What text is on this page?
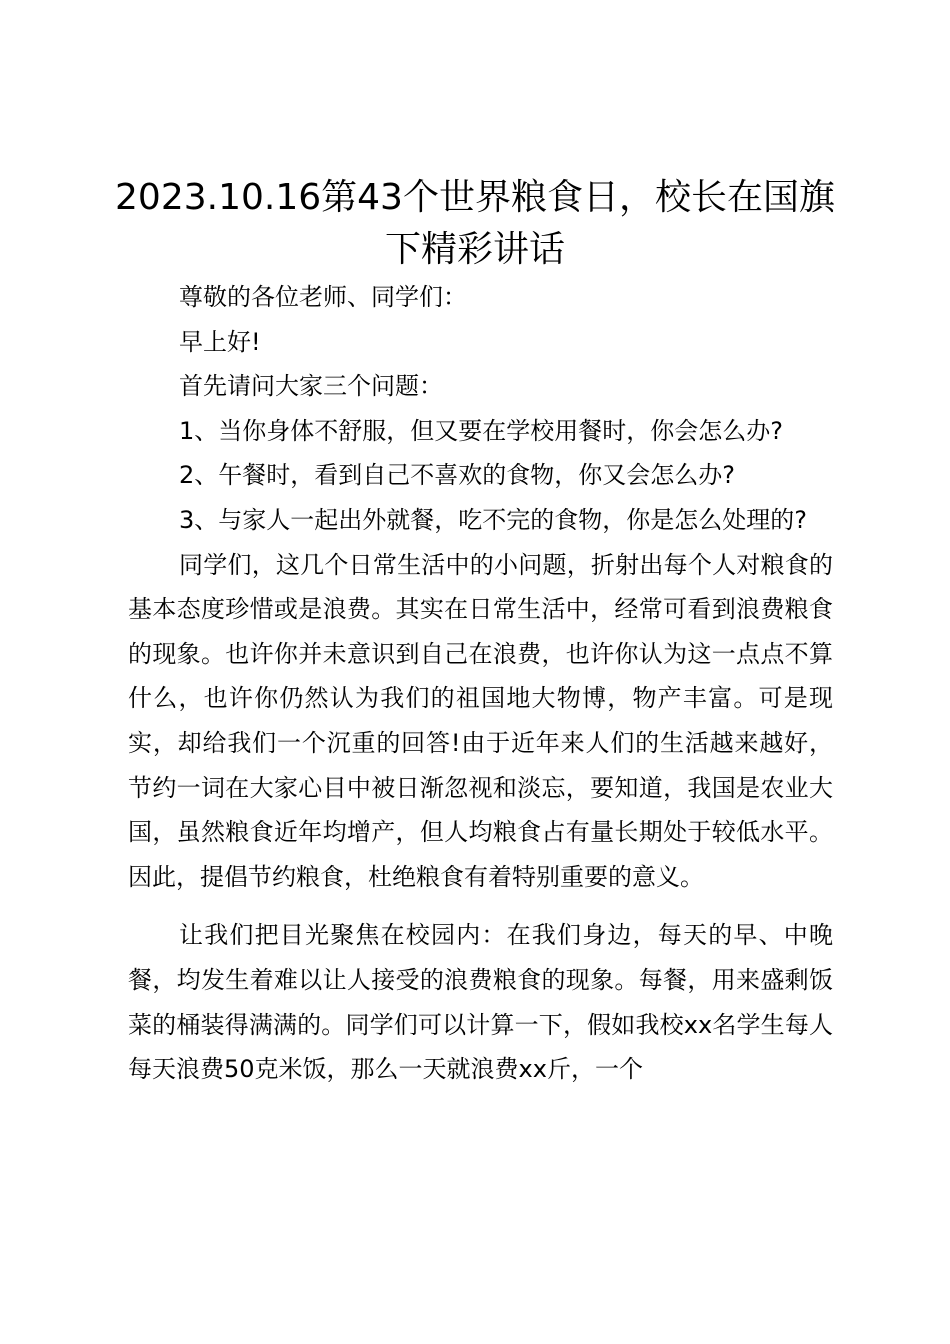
2023.10.16第43个世界粮食日，校长在国旗下精彩讲话

尊敬的各位老师、同学们：

早上好!

首先请问大家三个问题：

1、当你身体不舒服，但又要在学校用餐时，你会怎么办?

2、午餐时，看到自己不喜欢的食物，你又会怎么办?

3、与家人一起出外就餐，吃不完的食物，你是怎么处理的?

同学们，这几个日常生活中的小问题，折射出每个人对粮食的基本态度珍惜或是浪费。其实在日常生活中，经常可看到浪费粮食的现象。也许你并未意识到自己在浪费，也许你认为这一点点不算什么，也许你仍然认为我们的祖国地大物博，物产丰富。可是现实，却给我们一个沉重的回答!由于近年来人们的生活越来越好，节约一词在大家心目中被日渐忽视和淡忘，要知道，我国是农业大国，虽然粮食近年均增产，但人均粮食占有量长期处于较低水平。因此，提倡节约粮食，杜绝粮食有着特别重要的意义。

让我们把目光聚焦在校园内：在我们身边，每天的早、中晚餐，均发生着难以让人接受的浪费粮食的现象。每餐，用来盛剩饭菜的桶装得满满的。同学们可以计算一下，假如我校xx名学生每人每天浪费50克米饭，那么一天就浪费xx斤，一个
